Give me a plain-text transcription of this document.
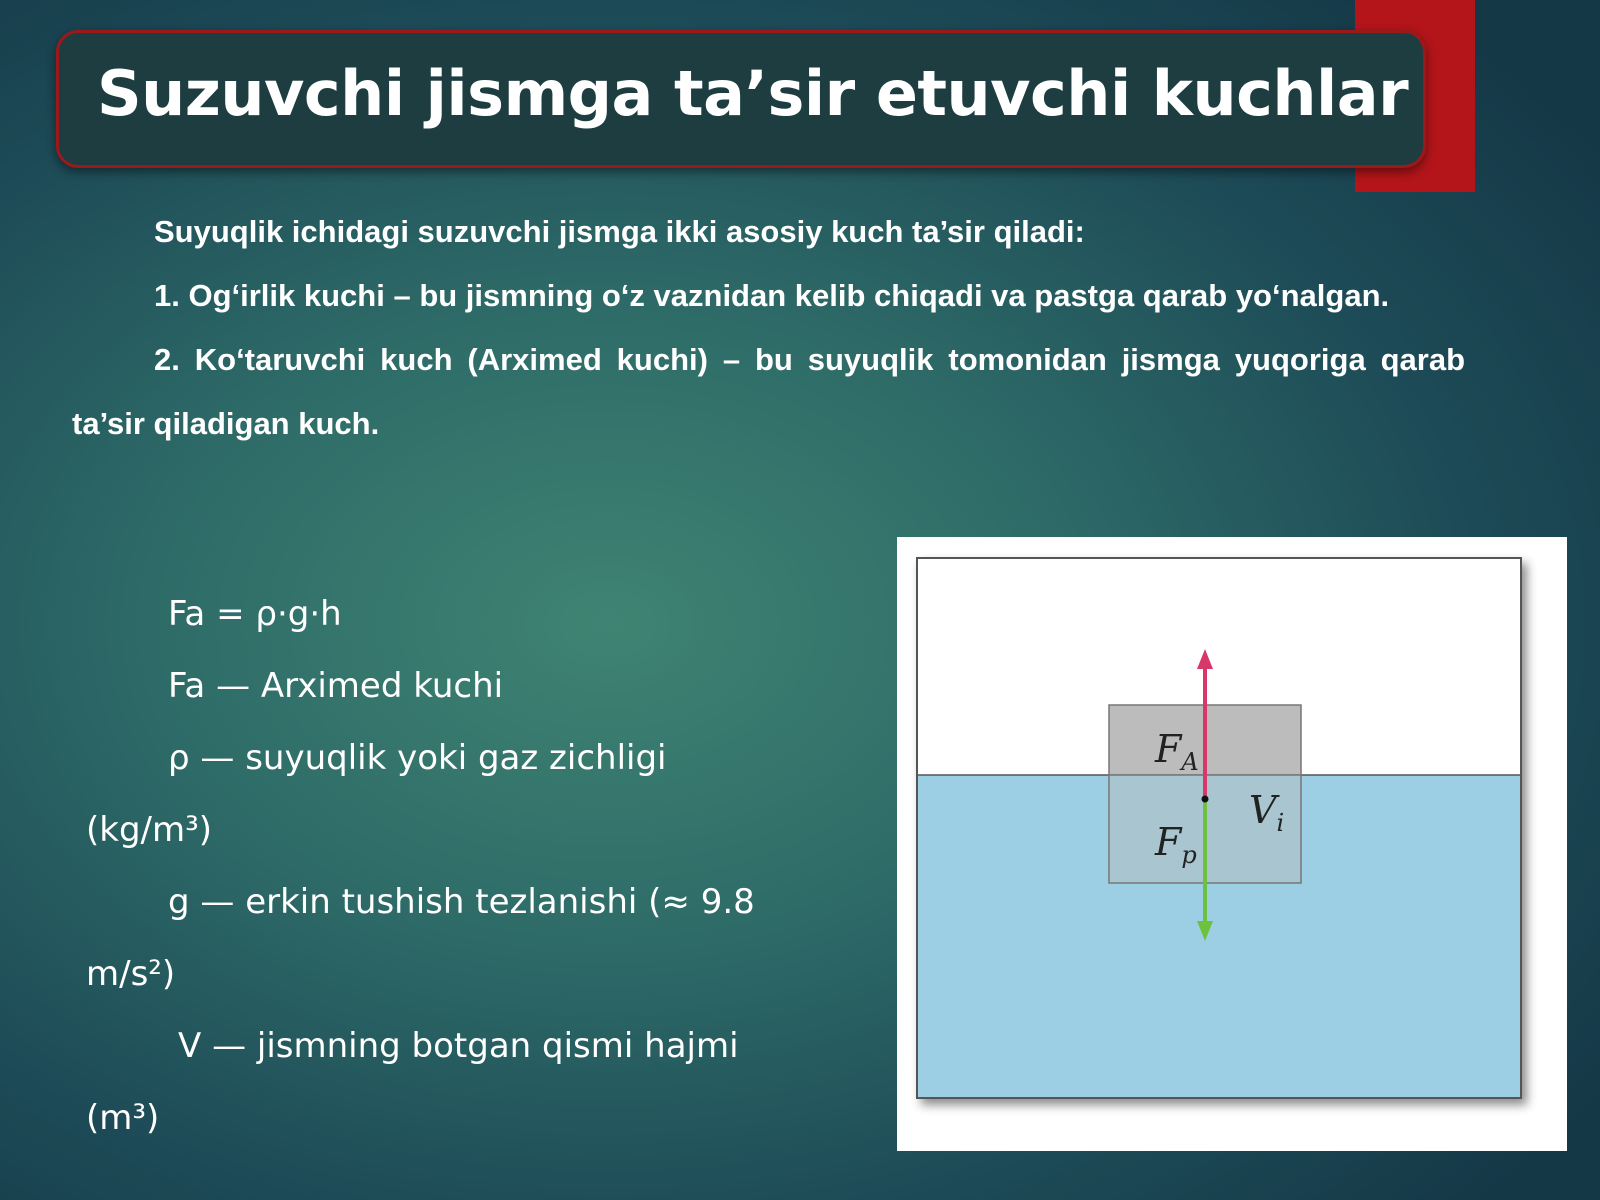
Suzuvchi jismga ta’sir etuvchi kuchlar

Suyuqlik ichidagi suzuvchi jismga ikki asosiy kuch ta’sir qiladi:

1. Og‘irlik kuchi – bu jismning o‘z vaznidan kelib chiqadi va pastga qarab yo‘nalgan.

2. Ko‘taruvchi kuch (Arximed kuchi) – bu suyuqlik tomonidan jismga yuqoriga qarab ta’sir qiladigan kuch.

Fa = ρ·g·h

Fa — Arximed kuchi

ρ — suyuqlik yoki gaz zichligi

(kg/m³)

g — erkin tushish tezlanishi (≈ 9.8

m/s²)

V — jismning botgan qismi hajmi

(m³)

$F_A$
$F_p$
$V_i$
